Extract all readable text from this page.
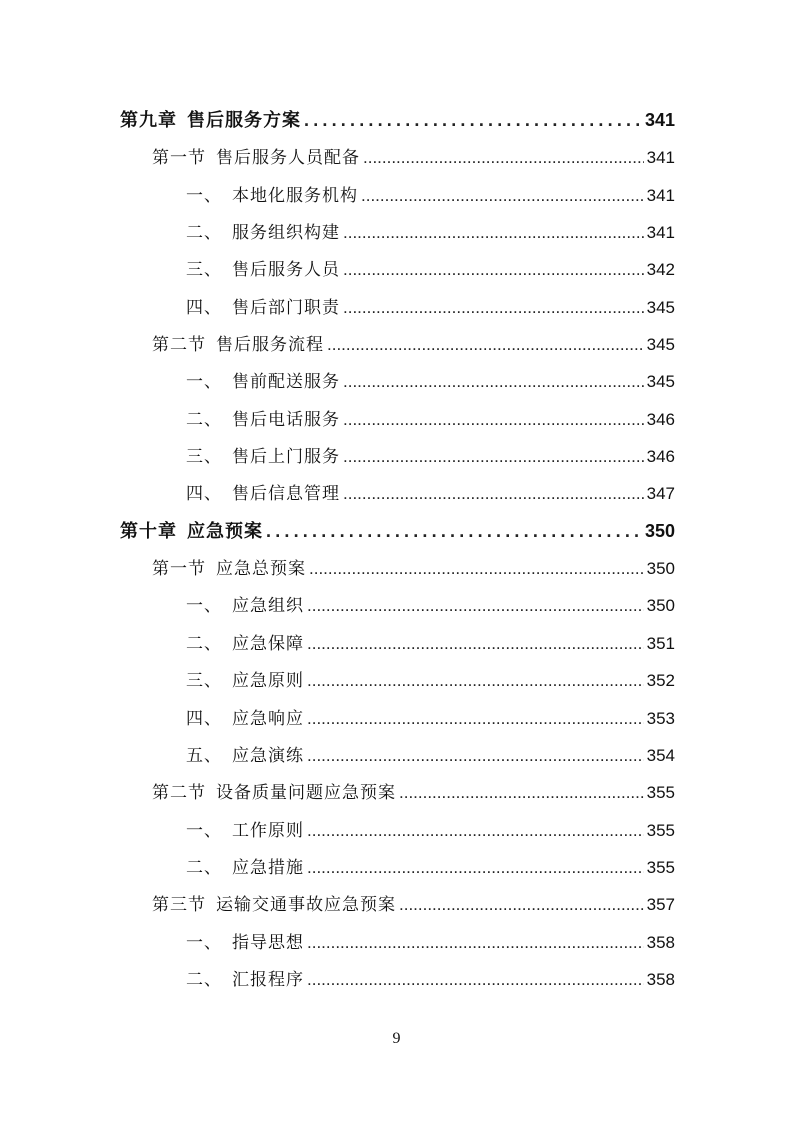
第九章 售后服务方案 .....	341
第一节 售后服务人员配备 .....	341
一、 本地化服务机构 .....	341
二、 服务组织构建 .....	341
三、 售后服务人员 .....	342
四、 售后部门职责 .....	345
第二节 售后服务流程 .....	345
一、 售前配送服务 .....	345
二、 售后电话服务 .....	346
三、 售后上门服务 .....	346
四、 售后信息管理 .....	347
第十章 应急预案 .....	350
第一节 应急总预案 .....	350
一、 应急组织 .....	350
二、 应急保障 .....	351
三、 应急原则 .....	352
四、 应急响应 .....	353
五、 应急演练 .....	354
第二节 设备质量问题应急预案 .....	355
一、 工作原则 .....	355
二、 应急措施 .....	355
第三节 运输交通事故应急预案 .....	357
一、 指导思想 .....	358
二、 汇报程序 .....	358
9
